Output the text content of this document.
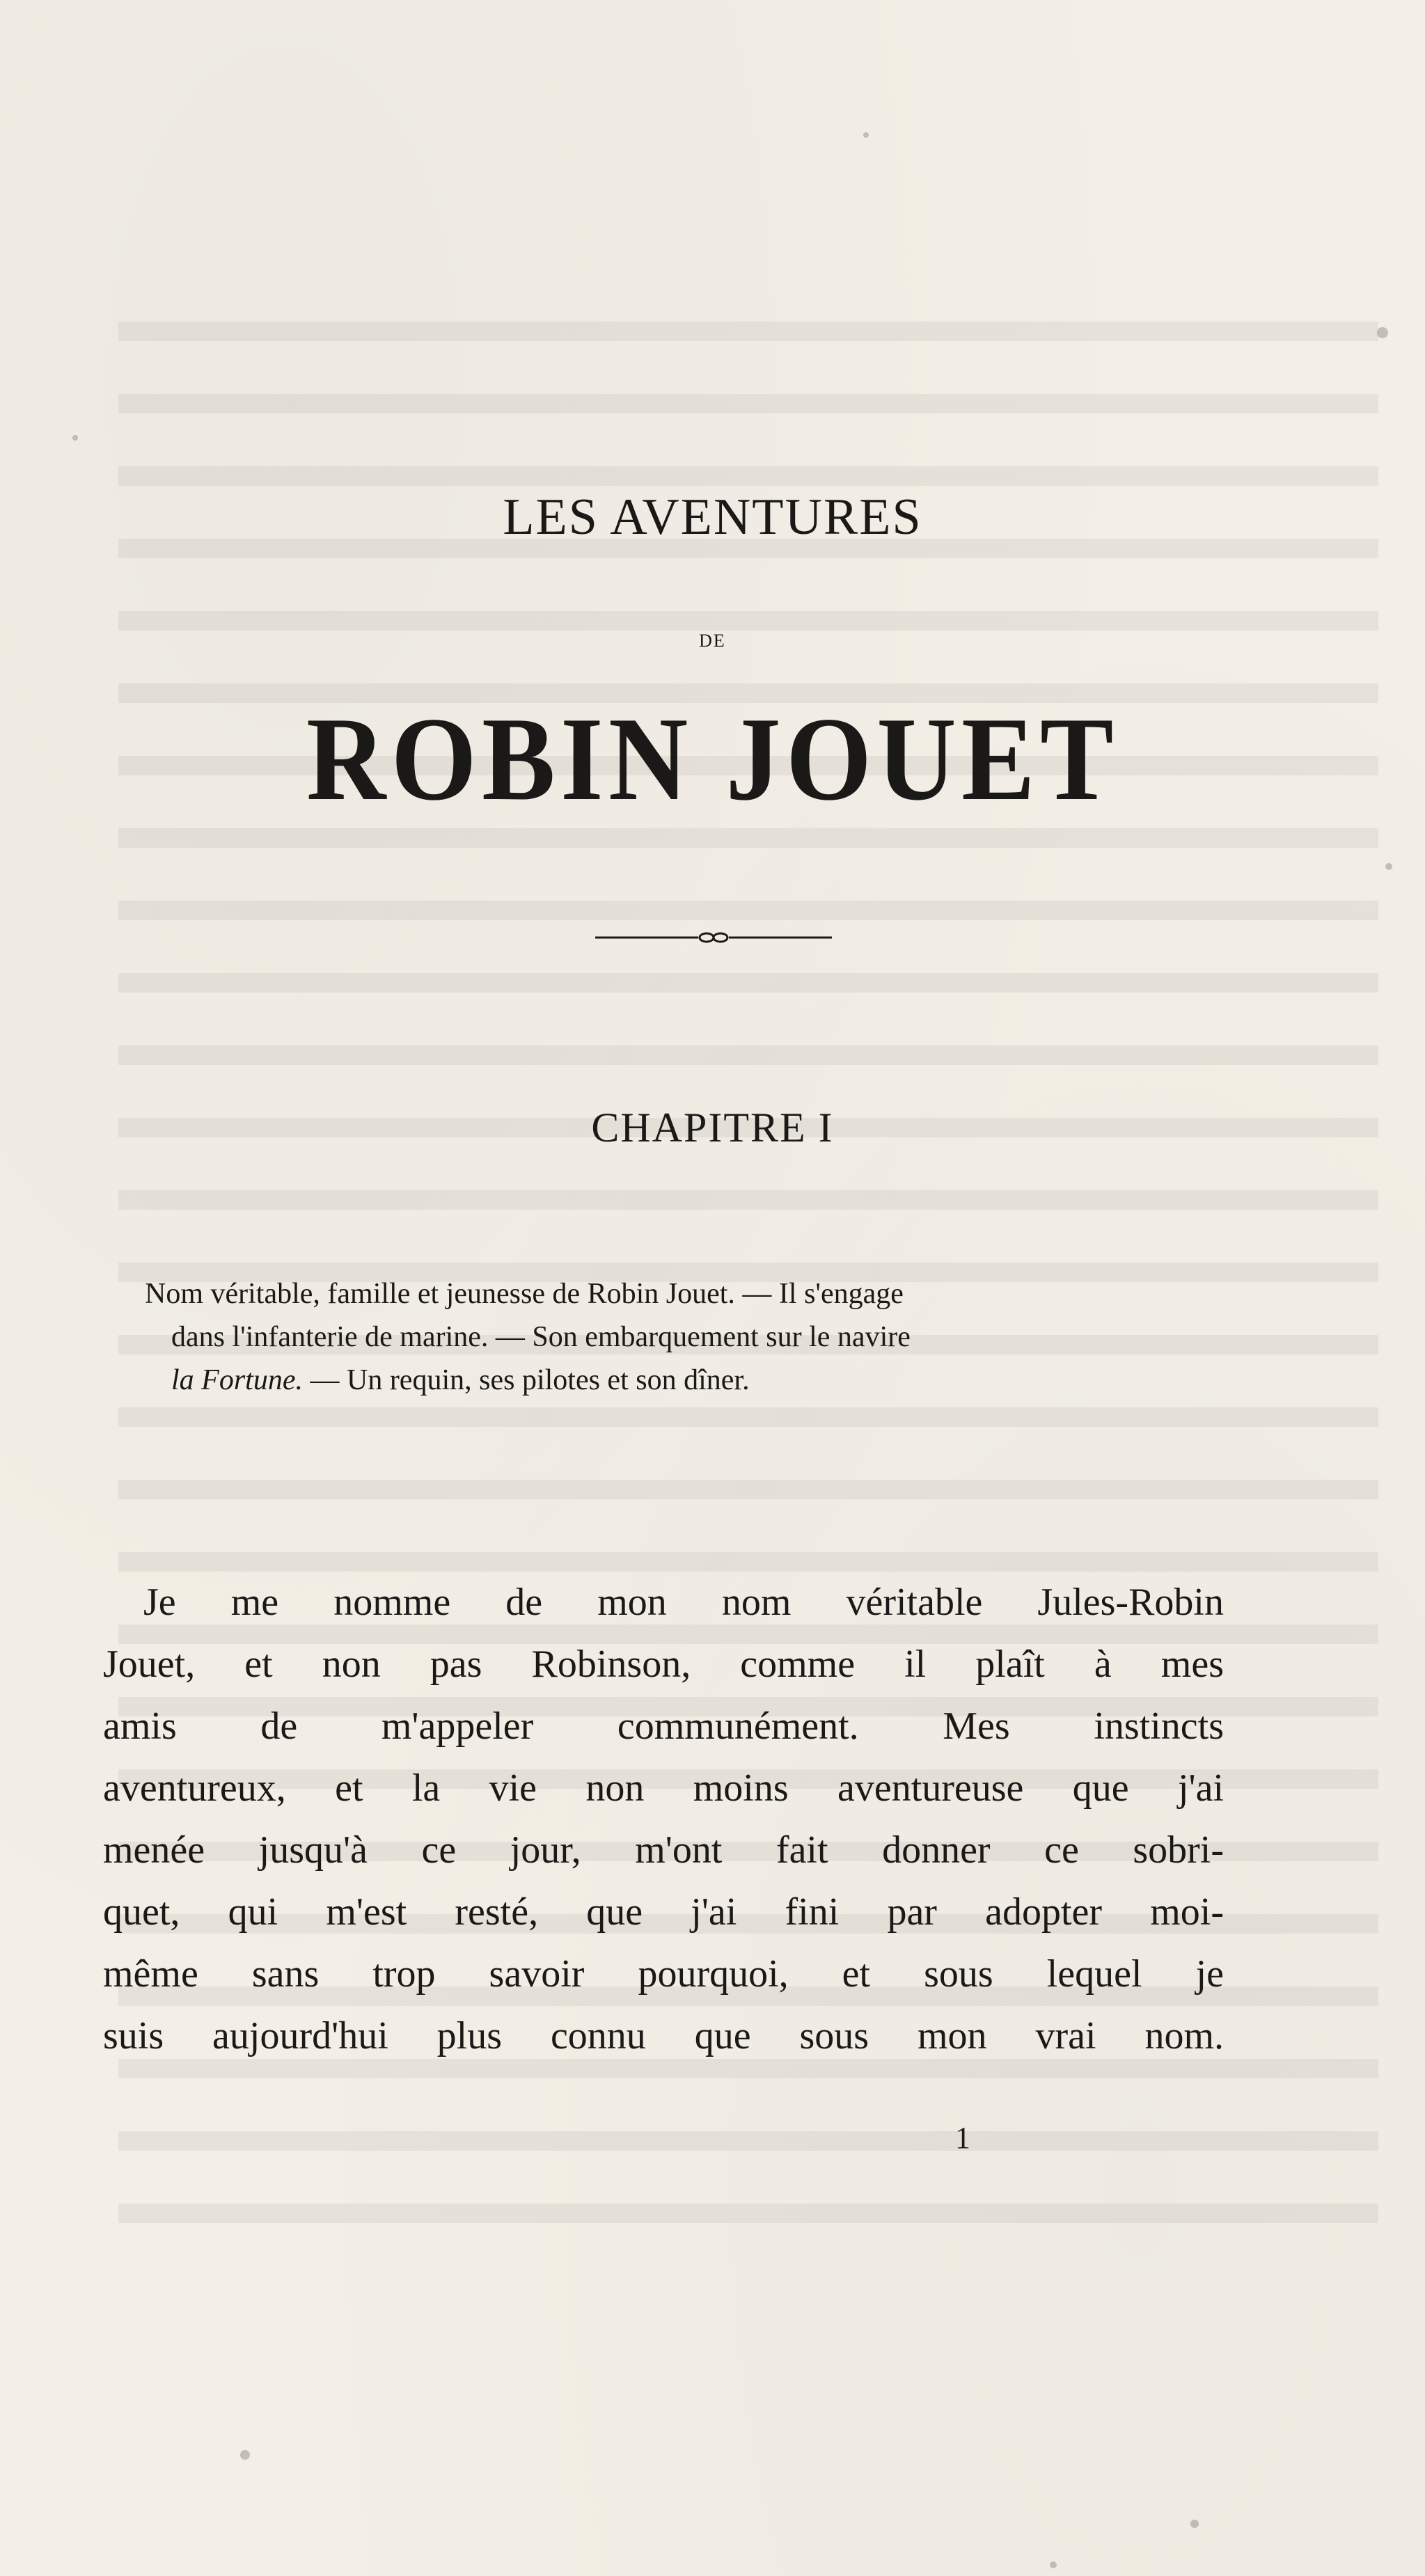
LES AVENTURES
DE
ROBIN JOUET
CHAPITRE I
Nom véritable, famille et jeunesse de Robin Jouet. — Il s'engage
dans l'infanterie de marine. — Son embarquement sur le navire
la Fortune. — Un requin, ses pilotes et son dîner.
Je me nomme de mon nom véritable Jules-Robin
Jouet, et non pas Robinson, comme il plaît à mes
amis de m'appeler communément. Mes instincts
aventureux, et la vie non moins aventureuse que j'ai
menée jusqu'à ce jour, m'ont fait donner ce sobri-
quet, qui m'est resté, que j'ai fini par adopter moi-
même sans trop savoir pourquoi, et sous lequel je
suis aujourd'hui plus connu que sous mon vrai nom.
1
